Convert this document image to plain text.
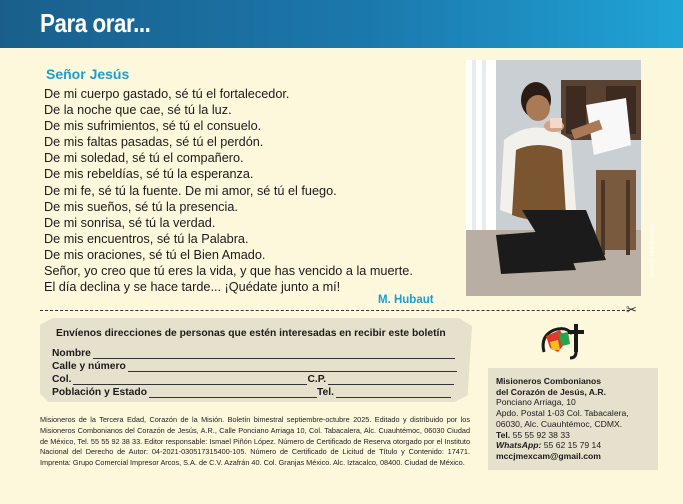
Para orar...
Señor Jesús
De mi cuerpo gastado, sé tú el fortalecedor.
De la noche que cae, sé tú la luz.
De mis sufrimientos, sé tú el consuelo.
De mis faltas pasadas, sé tú el perdón.
De mi soledad, sé tú el compañero.
De mis rebeldías, sé tú la esperanza.
De mi fe, sé tú la fuente. De mi amor, sé tú el fuego.
De mis sueños, sé tú la presencia.
De mi sonrisa, sé tú la verdad.
De mis encuentros, sé tú la Palabra.
De mis oraciones, sé tú el Bien Amado.
Señor, yo creo que tú eres la vida, y que has vencido a la muerte.
El día declina y se hace tarde... ¡Quédate junto a mí!
M. Hubaut
Beatriz Maldonado
✂
Envíenos direcciones de personas que estén interesadas en recibir este boletín
Nombre
Calle y número
Col.	C.P.
Población y Estado	Tel.
Misioneros de la Tercera Edad, Corazón de la Misión. Boletín bimestral septiembre-octubre 2025. Editado y distribuido por los Misioneros Combonianos del Corazón de Jesús, A.R., Calle Ponciano Arriaga 10, Col. Tabacalera, Alc. Cuauhtémoc, 06030 Ciudad de México, Tel. 55 55 92 38 33. Editor responsable: Ismael Piñón López. Número de Certificado de Reserva otorgado por el Instituto Nacional del Derecho de Autor: 04-2021-030517315400-105. Número de Certificado de Licitud de Título y Contenido: 17471. Imprenta: Grupo Comercial Impresor Arcos, S.A. de C.V. Azafrán 40. Col. Granjas México. Alc. Iztacalco, 08400. Ciudad de México.
Misioneros Combonianos
del Corazón de Jesús, A.R.
Ponciano Arriaga, 10
Apdo. Postal 1-03 Col. Tabacalera,
06030, Alc. Cuauhtémoc, CDMX.
Tel. 55 55 92 38 33
WhatsApp: 55 62 15 79 14
mccjmexcam@gmail.com
